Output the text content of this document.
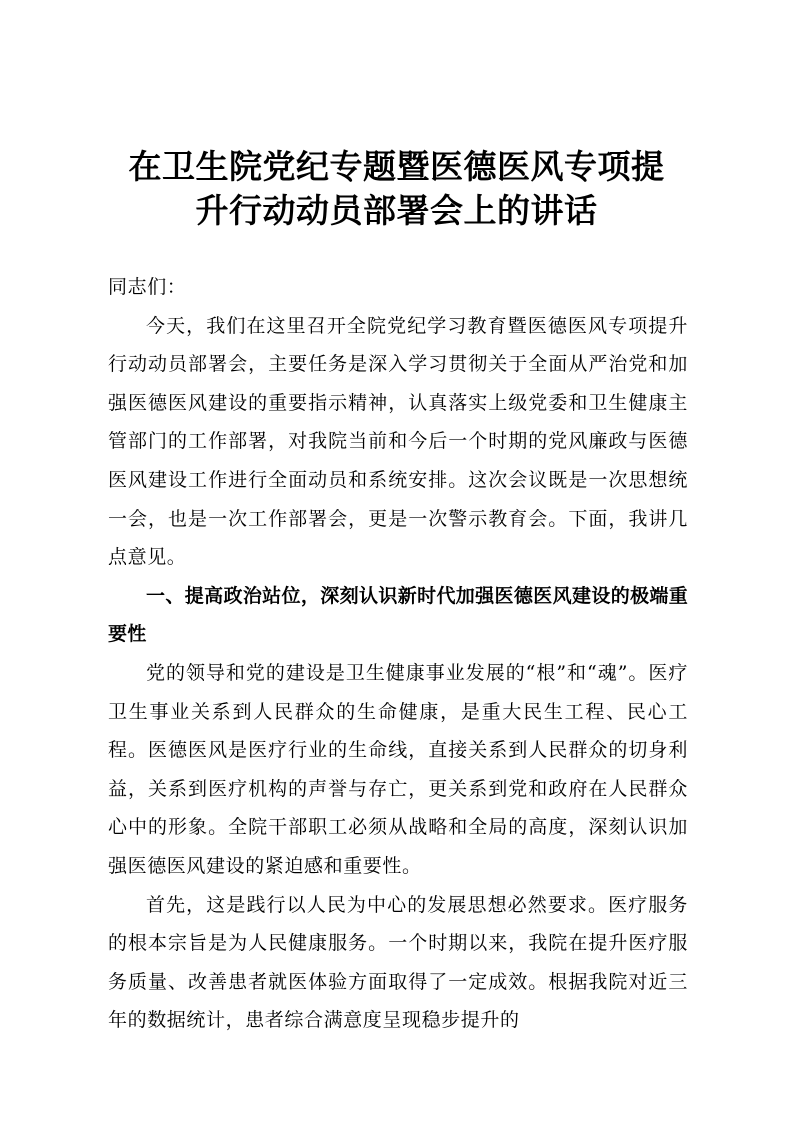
在卫生院党纪专题暨医德医风专项提
升行动动员部署会上的讲话

同志们：

今天，我们在这里召开全院党纪学习教育暨医德医风专项提升行动动员部署会，主要任务是深入学习贯彻关于全面从严治党和加强医德医风建设的重要指示精神，认真落实上级党委和卫生健康主管部门的工作部署，对我院当前和今后一个时期的党风廉政与医德医风建设工作进行全面动员和系统安排。这次会议既是一次思想统一会，也是一次工作部署会，更是一次警示教育会。下面，我讲几点意见。

一、提高政治站位，深刻认识新时代加强医德医风建设的极端重要性

党的领导和党的建设是卫生健康事业发展的“根”和“魂”。医疗卫生事业关系到人民群众的生命健康，是重大民生工程、民心工程。医德医风是医疗行业的生命线，直接关系到人民群众的切身利益，关系到医疗机构的声誉与存亡，更关系到党和政府在人民群众心中的形象。全院干部职工必须从战略和全局的高度，深刻认识加强医德医风建设的紧迫感和重要性。

首先，这是践行以人民为中心的发展思想必然要求。医疗服务的根本宗旨是为人民健康服务。一个时期以来，我院在提升医疗服务质量、改善患者就医体验方面取得了一定成效。根据我院对近三年的数据统计，患者综合满意度呈现稳步提升的
